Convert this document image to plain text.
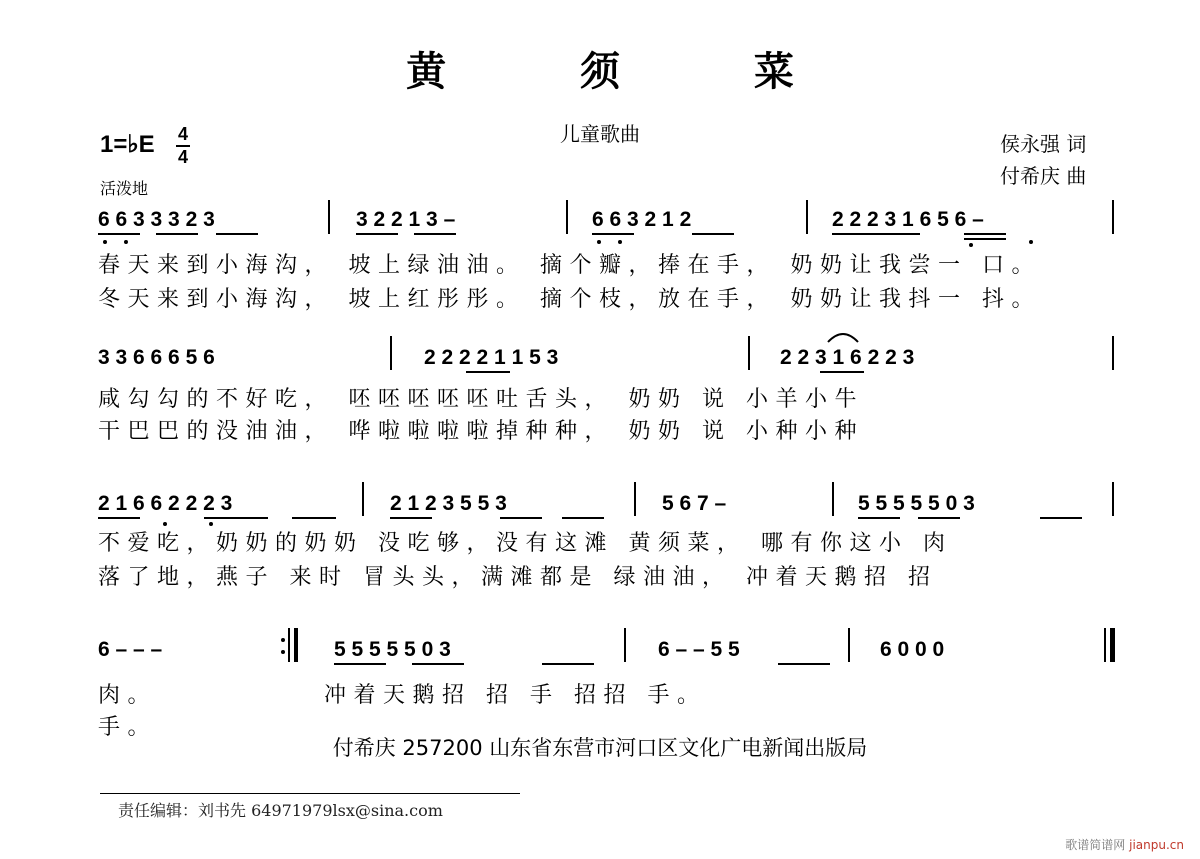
黄 须 菜
儿童歌曲	侯永强 词
付希庆 曲
1=♭E 4
4
活泼地
6 6 3 3 3 2 3	3 2 2 1 3 –	6 6 3 2 1 2	2 2 2 3 1 6 5 6 –
春天来到小海沟， 坡上绿油油。 摘个瓣，捧在手， 奶奶让我尝一 口。
冬天来到小海沟， 坡上红彤彤。 摘个枝，放在手， 奶奶让我抖一 抖。
3 3 6 6 6 5 6	2 2 2 2 1 1 5 3	2 2 3 1 6 2 2 3
咸勾勾的不好吃， 呸呸呸呸呸吐舌头， 奶奶 说 小羊小牛
干巴巴的没油油， 哗啦啦啦啦掉种种， 奶奶 说 小种小种
2 1 6 6 2 2 2 3	2 1 2 3 5 5 3	5 6 7 –	5 5 5 5 5 0 3
不爱吃，奶奶的奶奶 没吃够，没有这滩 黄须菜， 哪有你这小 肉
落了地，燕子 来时 冒头头，满滩都是 绿油油， 冲着天鹅招 招
6 – – –	5 5 5 5 5 0 3	6 – – 5 5	6 0 0 0
肉。	冲着天鹅招 招 手 招招 手。
手。
付希庆 257200 山东省东营市河口区文化广电新闻出版局
责任编辑：刘书先 64971979lsx@sina.com
歌谱简谱网 jianpu.cn
